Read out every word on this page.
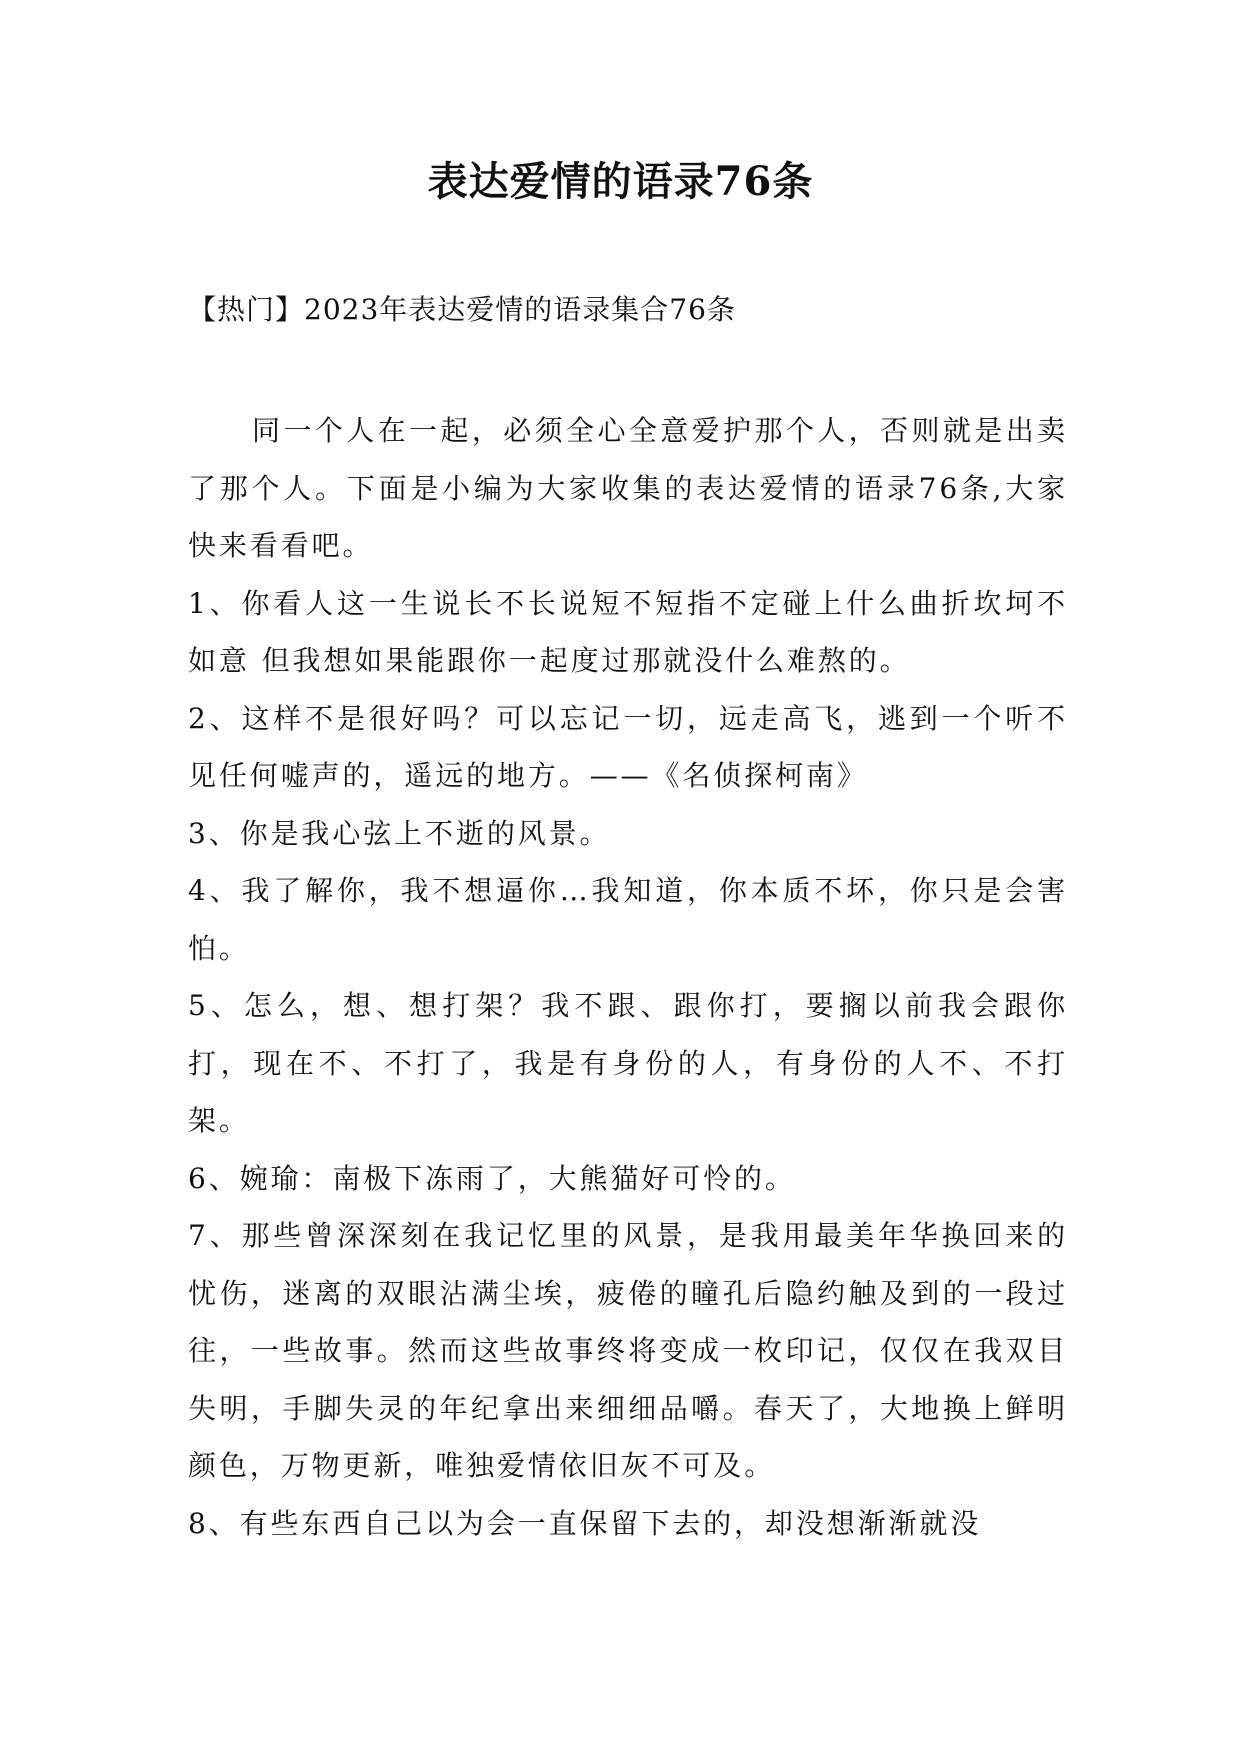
表达爱情的语录76条
【热门】2023年表达爱情的语录集合76条

同一个人在一起，必须全心全意爱护那个人，否则就是出卖了那个人。下面是小编为大家收集的表达爱情的语录76条,大家快来看看吧。

1、你看人这一生说长不长说短不短指不定碰上什么曲折坎坷不如意 但我想如果能跟你一起度过那就没什么难熬的。

2、这样不是很好吗？可以忘记一切，远走高飞，逃到一个听不见任何嘘声的，遥远的地方。——《名侦探柯南》

3、你是我心弦上不逝的风景。

4、我了解你，我不想逼你…我知道，你本质不坏，你只是会害怕。

5、怎么，想、想打架？我不跟、跟你打，要搁以前我会跟你打，现在不、不打了，我是有身份的人，有身份的人不、不打架。

6、婉瑜：南极下冻雨了，大熊猫好可怜的。

7、那些曾深深刻在我记忆里的风景，是我用最美年华换回来的忧伤，迷离的双眼沾满尘埃，疲倦的瞳孔后隐约触及到的一段过往，一些故事。然而这些故事终将变成一枚印记，仅仅在我双目失明，手脚失灵的年纪拿出来细细品嚼。春天了，大地换上鲜明颜色，万物更新，唯独爱情依旧灰不可及。

8、有些东西自己以为会一直保留下去的，却没想渐渐就没
